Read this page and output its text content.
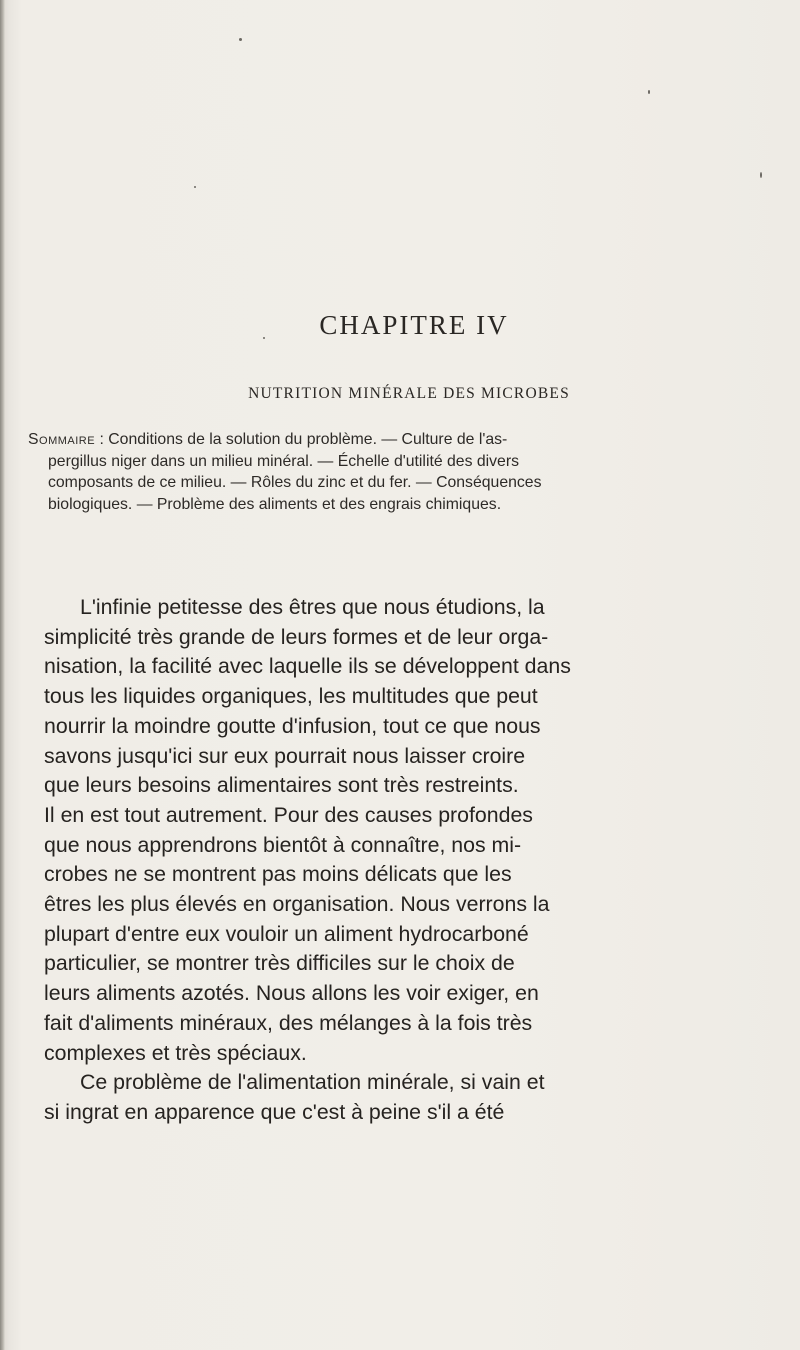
CHAPITRE IV
NUTRITION MINÉRALE DES MICROBES
Sommaire : Conditions de la solution du problème. — Culture de l'as-
pergillus niger dans un milieu minéral. — Échelle d'utilité des divers
composants de ce milieu. — Rôles du zinc et du fer. — Conséquences
biologiques. — Problème des aliments et des engrais chimiques.
L'infinie petitesse des êtres que nous étudions, la
simplicité très grande de leurs formes et de leur orga-
nisation, la facilité avec laquelle ils se développent dans
tous les liquides organiques, les multitudes que peut
nourrir la moindre goutte d'infusion, tout ce que nous
savons jusqu'ici sur eux pourrait nous laisser croire
que leurs besoins alimentaires sont très restreints.
Il en est tout autrement. Pour des causes profondes
que nous apprendrons bientôt à connaître, nos mi-
crobes ne se montrent pas moins délicats que les
êtres les plus élevés en organisation. Nous verrons la
plupart d'entre eux vouloir un aliment hydrocarboné
particulier, se montrer très difficiles sur le choix de
leurs aliments azotés. Nous allons les voir exiger, en
fait d'aliments minéraux, des mélanges à la fois très
complexes et très spéciaux.
Ce problème de l'alimentation minérale, si vain et
si ingrat en apparence que c'est à peine s'il a été
